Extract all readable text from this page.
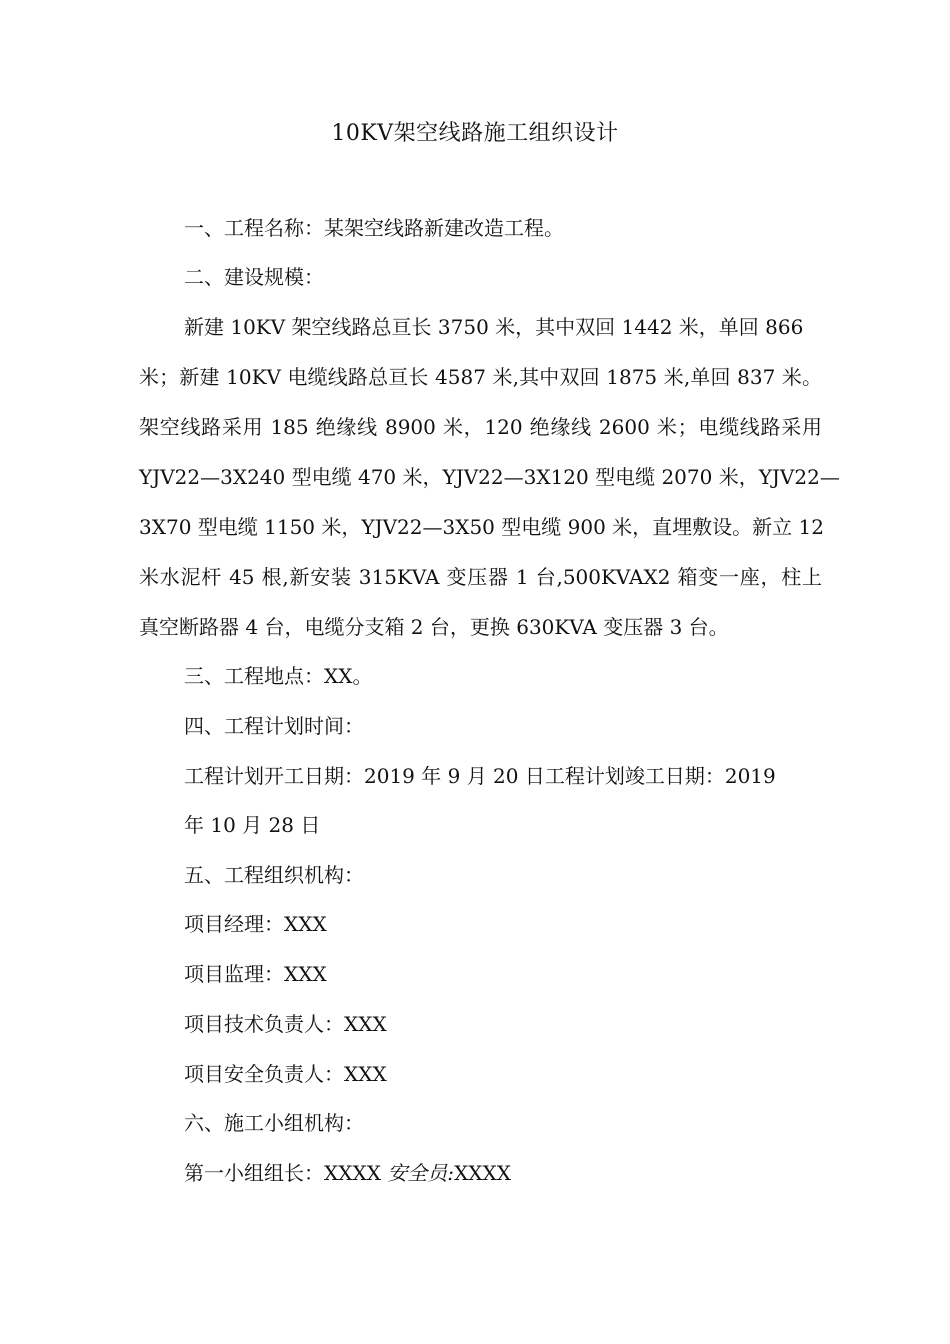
10KV架空线路施工组织设计

一、工程名称：某架空线路新建改造工程。

二、建设规模：

新建 10KV 架空线路总亘长 3750 米，其中双回 1442 米，单回 866

米；新建 10KV 电缆线路总亘长 4587 米,其中双回 1875 米,单回 837 米。

架空线路采用 185 绝缘线 8900 米，120 绝缘线 2600 米；电缆线路采用

YJV22—3X240 型电缆 470 米，YJV22—3X120 型电缆 2070 米，YJV22—

3X70 型电缆 1150 米，YJV22—3X50 型电缆 900 米，直埋敷设。新立 12

米水泥杆 45 根,新安装 315KVA 变压器 1 台,500KVAX2 箱变一座，柱上

真空断路器 4 台，电缆分支箱 2 台，更换 630KVA 变压器 3 台。

三、工程地点：XX。

四、工程计划时间：

工程计划开工日期：2019 年 9 月 20 日工程计划竣工日期：2019

年 10 月 28 日

五、工程组织机构：

项目经理：XXX

项目监理：XXX

项目技术负责人：XXX

项目安全负责人：XXX

六、施工小组机构：

第一小组组长：XXXX 安全员:XXXX
